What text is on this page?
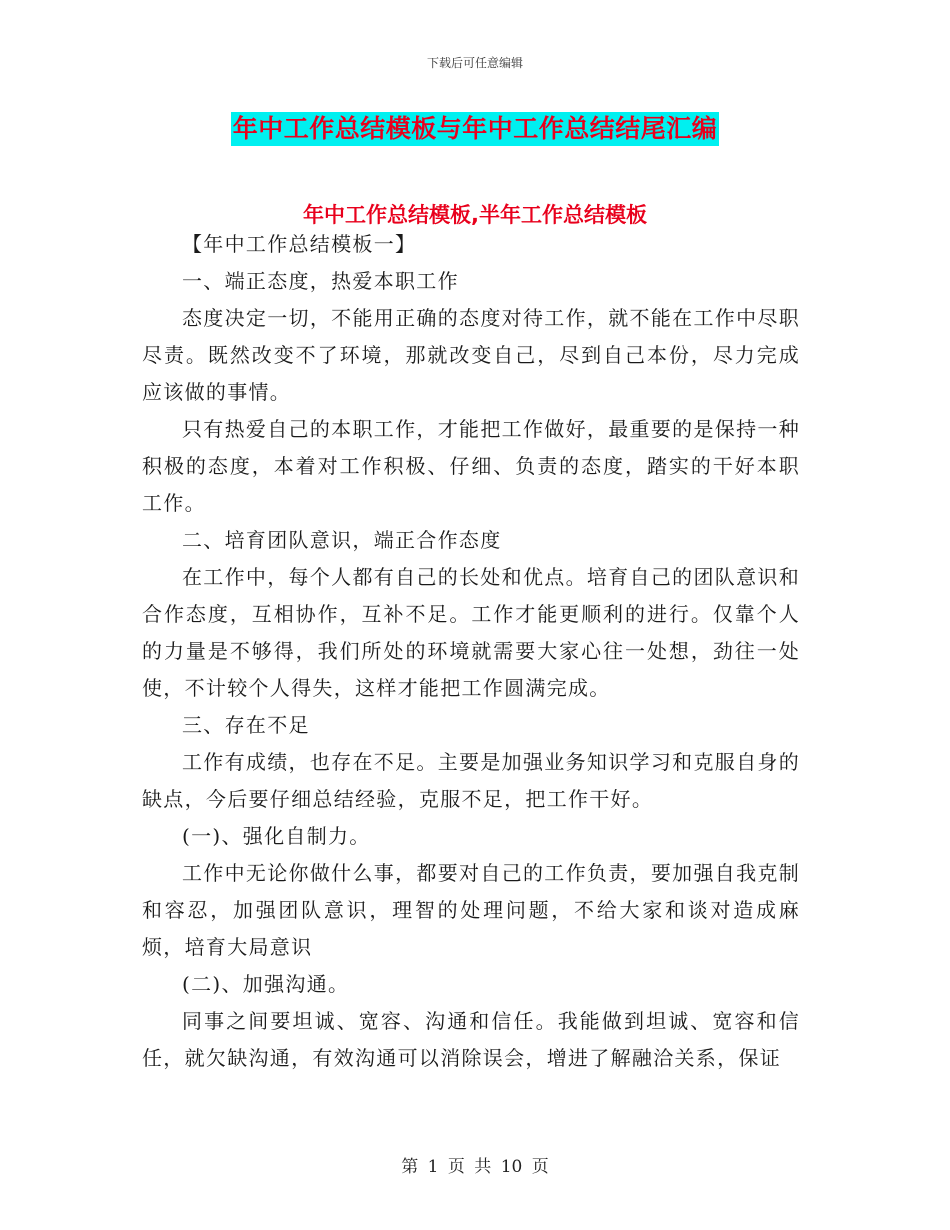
下载后可任意编辑
年中工作总结模板与年中工作总结结尾汇编
年中工作总结模板,半年工作总结模板

【年中工作总结模板一】

一、端正态度，热爱本职工作

态度决定一切，不能用正确的态度对待工作，就不能在工作中尽职尽责。既然改变不了环境，那就改变自己，尽到自己本份，尽力完成应该做的事情。

只有热爱自己的本职工作，才能把工作做好，最重要的是保持一种积极的态度，本着对工作积极、仔细、负责的态度，踏实的干好本职工作。

二、培育团队意识，端正合作态度

在工作中，每个人都有自己的长处和优点。培育自己的团队意识和合作态度，互相协作，互补不足。工作才能更顺利的进行。仅靠个人的力量是不够得，我们所处的环境就需要大家心往一处想，劲往一处使，不计较个人得失，这样才能把工作圆满完成。

三、存在不足

工作有成绩，也存在不足。主要是加强业务知识学习和克服自身的缺点，今后要仔细总结经验，克服不足，把工作干好。

(一)、强化自制力。

工作中无论你做什么事，都要对自己的工作负责，要加强自我克制和容忍，加强团队意识，理智的处理问题，不给大家和谈对造成麻烦，培育大局意识

(二)、加强沟通。

同事之间要坦诚、宽容、沟通和信任。我能做到坦诚、宽容和信任，就欠缺沟通，有效沟通可以消除误会，增进了解融洽关系，保证

第 1 页 共 10 页
